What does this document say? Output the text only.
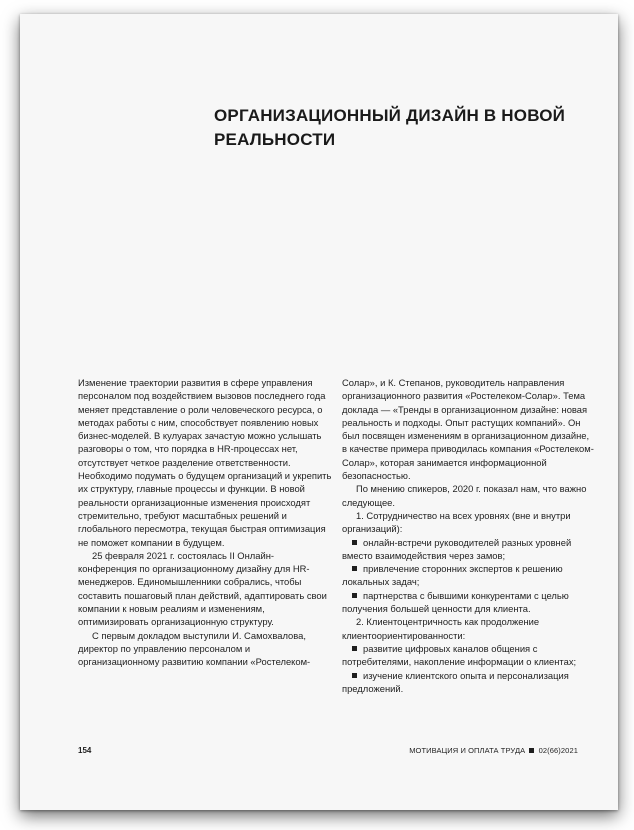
ОРГАНИЗАЦИОННЫЙ ДИЗАЙН В НОВОЙ РЕАЛЬНОСТИ

Изменение траектории развития в сфере управления персоналом под воздействием вызовов последнего года меняет представление о роли человеческого ресурса, о методах работы с ним, способствует появлению новых бизнес-моделей. В кулуарах зачастую можно услышать разговоры о том, что порядка в HR-процессах нет, отсутствует четкое разделение ответственности. Необходимо подумать о будущем организаций и укрепить их структуру, главные процессы и функции. В новой реальности организационные изменения происходят стремительно, требуют масштабных решений и глобального пересмотра, текущая быстрая оптимизация не поможет компании в будущем.

25 февраля 2021 г. состоялась II Онлайн-конференция по организационному дизайну для HR-менеджеров. Единомышленники собрались, чтобы составить пошаговый план действий, адаптировать свои компании к новым реалиям и изменениям, оптимизировать организационную структуру.

С первым докладом выступили И. Самохвалова, директор по управлению персоналом и организационному развитию компании «Ростелеком-

Солар», и К. Степанов, руководитель направления организационного развития «Ростелеком-Солар». Тема доклада — «Тренды в организационном дизайне: новая реальность и подходы. Опыт растущих компаний». Он был посвящен изменениям в организационном дизайне, в качестве примера приводилась компания «Ростелеком-Солар», которая занимается информационной безопасностью.

По мнению спикеров, 2020 г. показал нам, что важно следующее.

1. Сотрудничество на всех уровнях (вне и внутри организаций):

онлайн-встречи руководителей разных уровней вместо взаимодействия через замов;

привлечение сторонних экспертов к решению локальных задач;

партнерства с бывшими конкурентами с целью получения большей ценности для клиента.

2. Клиентоцентричность как продолжение клиентоориентированности:

развитие цифровых каналов общения с потребителями, накопление информации о клиентах;

изучение клиентского опыта и персонализация предложений.

154	МОТИВАЦИЯ И ОПЛАТА ТРУДА 02(66)2021
